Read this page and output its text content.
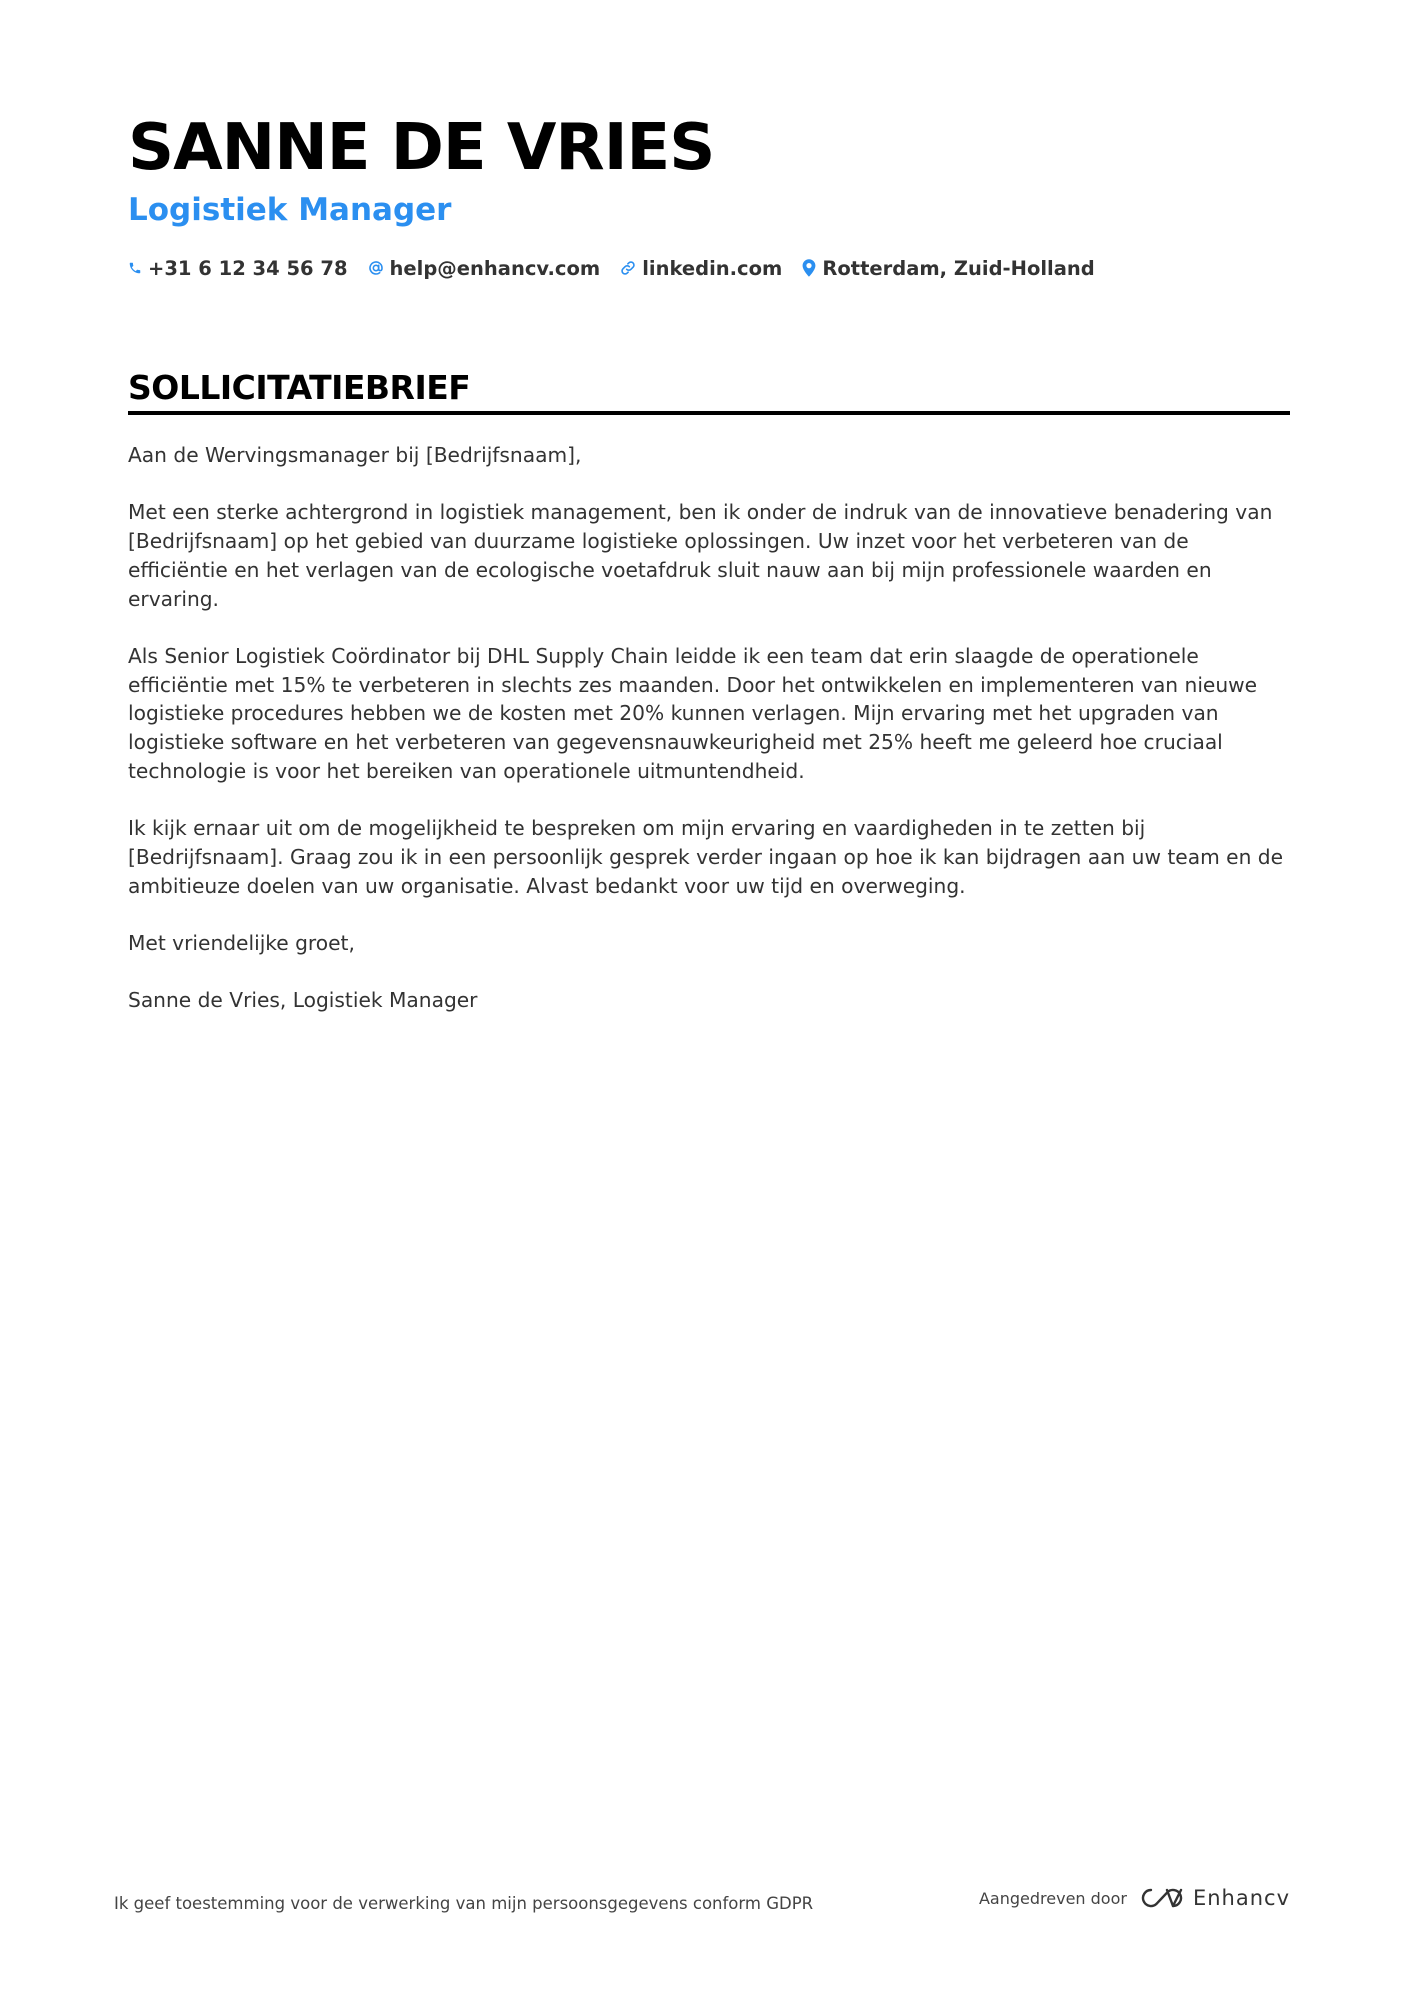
SANNE DE VRIES
Logistiek Manager
+31 6 12 34 56 78 help@enhancv.com linkedin.com Rotterdam, Zuid-Holland
SOLLICITATIEBRIEF

Aan de Wervingsmanager bij [Bedrijfsnaam],

Met een sterke achtergrond in logistiek management, ben ik onder de indruk van de innovatieve benadering van [Bedrijfsnaam] op het gebied van duurzame logistieke oplossingen. Uw inzet voor het verbeteren van de efficiëntie en het verlagen van de ecologische voetafdruk sluit nauw aan bij mijn professionele waarden en ervaring.

Als Senior Logistiek Coördinator bij DHL Supply Chain leidde ik een team dat erin slaagde de operationele efficiëntie met 15% te verbeteren in slechts zes maanden. Door het ontwikkelen en implementeren van nieuwe logistieke procedures hebben we de kosten met 20% kunnen verlagen. Mijn ervaring met het upgraden van logistieke software en het verbeteren van gegevensnauwkeurigheid met 25% heeft me geleerd hoe cruciaal technologie is voor het bereiken van operationele uitmuntendheid.

Ik kijk ernaar uit om de mogelijkheid te bespreken om mijn ervaring en vaardigheden in te zetten bij [Bedrijfsnaam]. Graag zou ik in een persoonlijk gesprek verder ingaan op hoe ik kan bijdragen aan uw team en de ambitieuze doelen van uw organisatie. Alvast bedankt voor uw tijd en overweging.

Met vriendelijke groet,

Sanne de Vries, Logistiek Manager

Ik geef toestemming voor de verwerking van mijn persoonsgegevens conform GDPR	Aangedreven door	Enhancv
